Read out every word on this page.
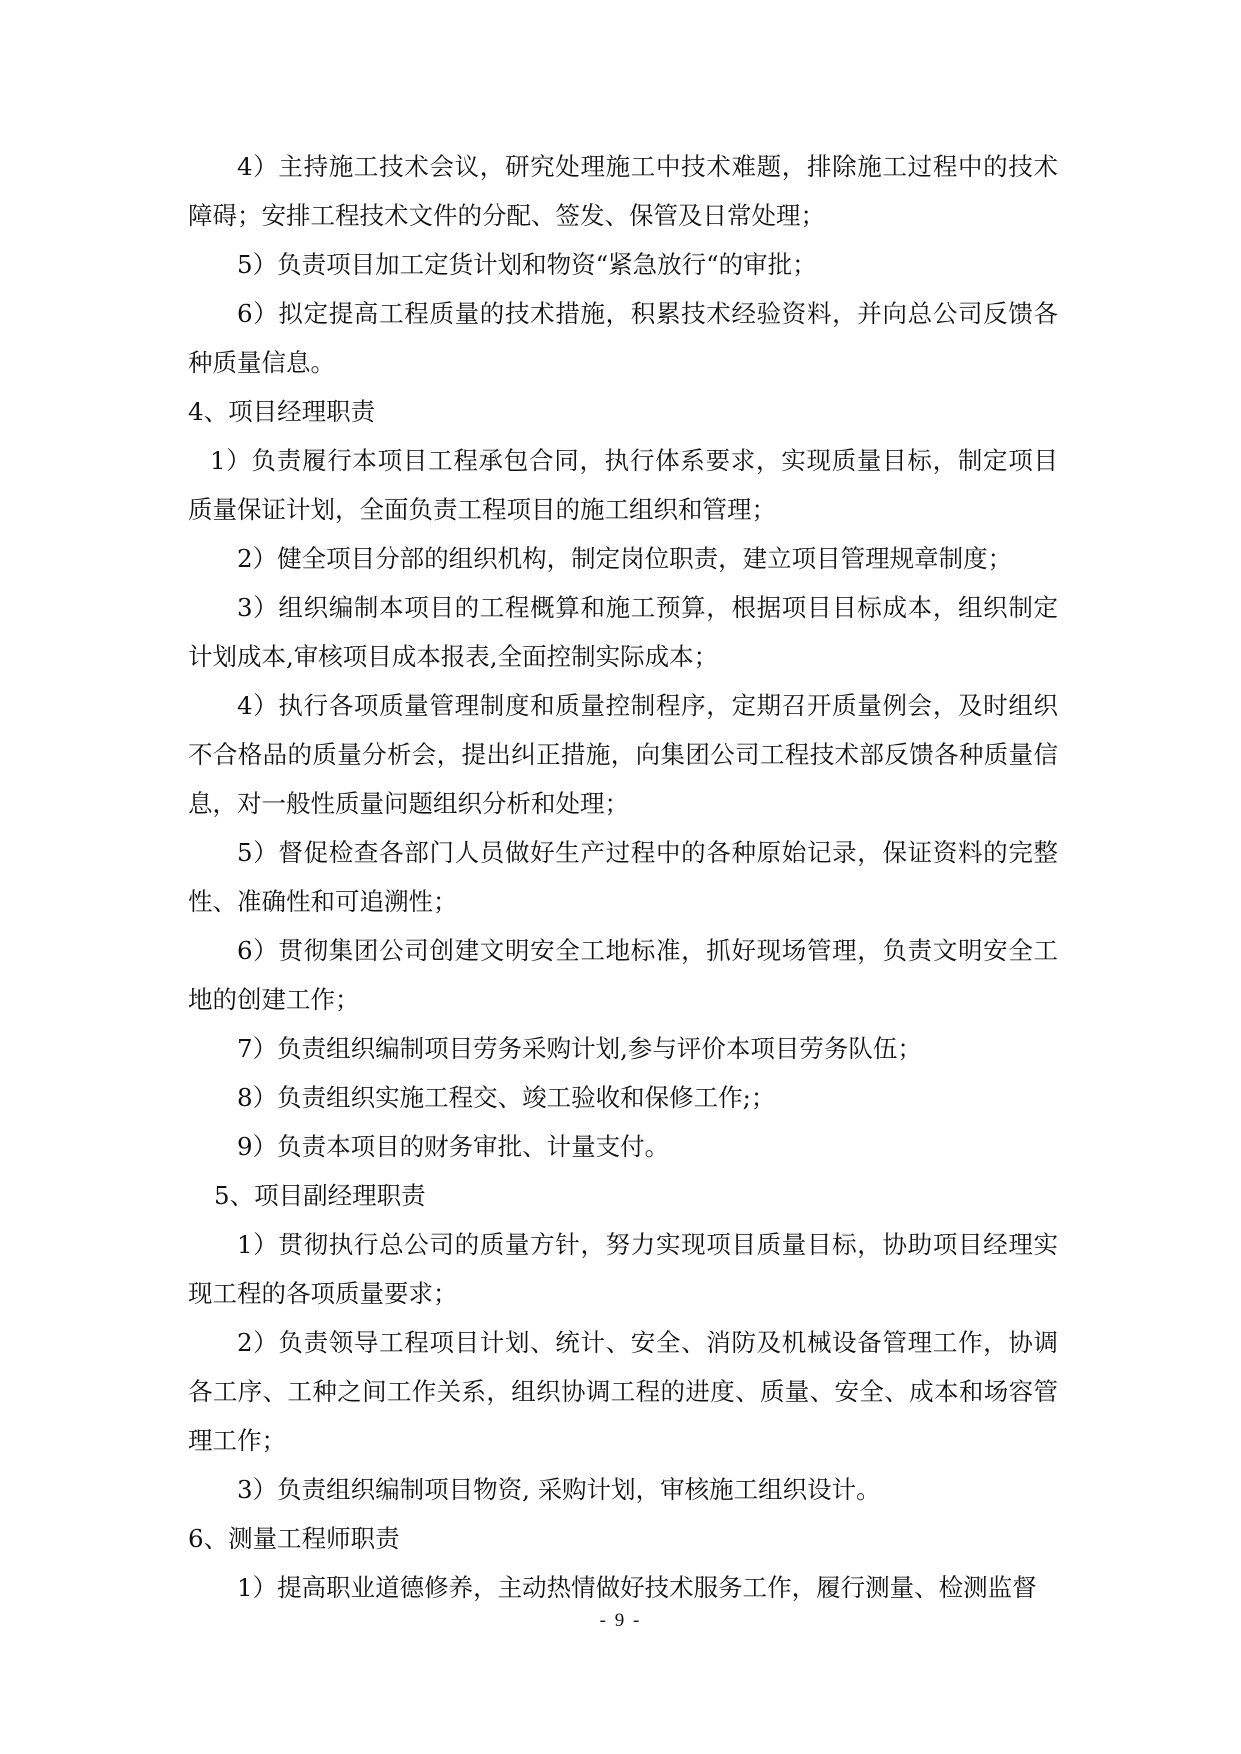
4）主持施工技术会议，研究处理施工中技术难题，排除施工过程中的技术障碍；安排工程技术文件的分配、签发、保管及日常处理；

5）负责项目加工定货计划和物资“紧急放行“的审批；

6）拟定提高工程质量的技术措施，积累技术经验资料，并向总公司反馈各种质量信息。

4、项目经理职责

1）负责履行本项目工程承包合同，执行体系要求，实现质量目标，制定项目质量保证计划，全面负责工程项目的施工组织和管理；

2）健全项目分部的组织机构，制定岗位职责，建立项目管理规章制度；

3）组织编制本项目的工程概算和施工预算，根据项目目标成本，组织制定计划成本,审核项目成本报表,全面控制实际成本；

4）执行各项质量管理制度和质量控制程序，定期召开质量例会，及时组织不合格品的质量分析会，提出纠正措施，向集团公司工程技术部反馈各种质量信息，对一般性质量问题组织分析和处理；

5）督促检查各部门人员做好生产过程中的各种原始记录，保证资料的完整性、准确性和可追溯性；

6）贯彻集团公司创建文明安全工地标准，抓好现场管理，负责文明安全工地的创建工作；

7）负责组织编制项目劳务采购计划,参与评价本项目劳务队伍；

8）负责组织实施工程交、竣工验收和保修工作;；

9）负责本项目的财务审批、计量支付。

5、项目副经理职责

1）贯彻执行总公司的质量方针，努力实现项目质量目标，协助项目经理实现工程的各项质量要求；

2）负责领导工程项目计划、统计、安全、消防及机械设备管理工作，协调各工序、工种之间工作关系，组织协调工程的进度、质量、安全、成本和场容管理工作；

3）负责组织编制项目物资, 采购计划，审核施工组织设计。

6、测量工程师职责

1）提高职业道德修养，主动热情做好技术服务工作，履行测量、检测监督

- 9 -
